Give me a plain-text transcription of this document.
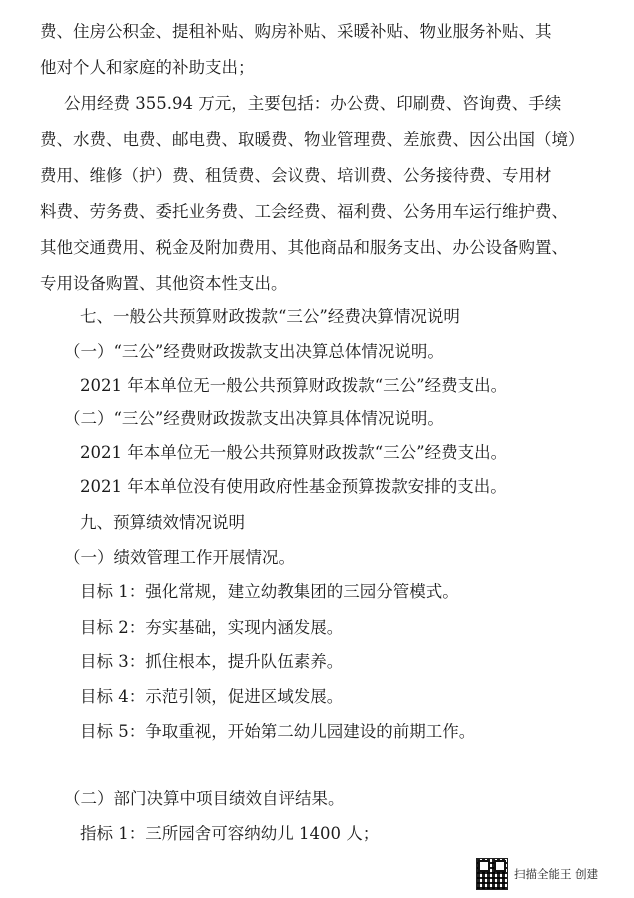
费、住房公积金、提租补贴、购房补贴、采暖补贴、物业服务补贴、其
他对个人和家庭的补助支出；
公用经费 355.94 万元，主要包括：办公费、印刷费、咨询费、手续
费、水费、电费、邮电费、取暖费、物业管理费、差旅费、因公出国（境）
费用、维修（护）费、租赁费、会议费、培训费、公务接待费、专用材
料费、劳务费、委托业务费、工会经费、福利费、公务用车运行维护费、
其他交通费用、税金及附加费用、其他商品和服务支出、办公设备购置、
专用设备购置、其他资本性支出。
七、一般公共预算财政拨款“三公”经费决算情况说明
（一）“三公”经费财政拨款支出决算总体情况说明。
2021 年本单位无一般公共预算财政拨款“三公”经费支出。
（二）“三公”经费财政拨款支出决算具体情况说明。
2021 年本单位无一般公共预算财政拨款“三公”经费支出。
2021 年本单位没有使用政府性基金预算拨款安排的支出。
九、预算绩效情况说明
（一）绩效管理工作开展情况。
目标 1：强化常规，建立幼教集团的三园分管模式。
目标 2：夯实基础，实现内涵发展。
目标 3：抓住根本，提升队伍素养。
目标 4：示范引领，促进区域发展。
目标 5：争取重视，开始第二幼儿园建设的前期工作。
（二）部门决算中项目绩效自评结果。
指标 1：三所园舍可容纳幼儿 1400 人；
扫描全能王 创建
